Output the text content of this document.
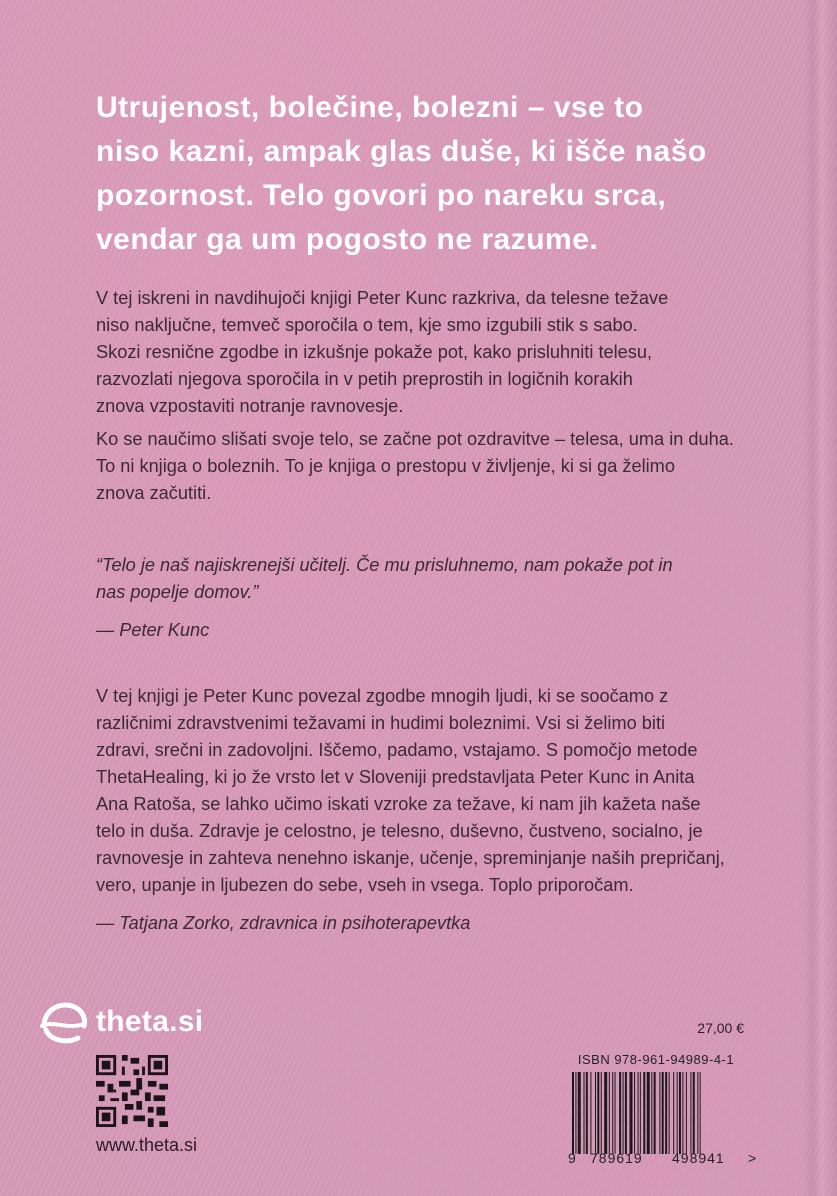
Utrujenost, bolečine, bolezni – vse to
niso kazni, ampak glas duše, ki išče našo
pozornost. Telo govori po nareku srca,
vendar ga um pogosto ne razume.
V tej iskreni in navdihujoči knjigi Peter Kunc razkriva, da telesne težave
niso naključne, temveč sporočila o tem, kje smo izgubili stik s sabo.
Skozi resnične zgodbe in izkušnje pokaže pot, kako prisluhniti telesu,
razvozlati njegova sporočila in v petih preprostih in logičnih korakih
znova vzpostaviti notranje ravnovesje.
Ko se naučimo slišati svoje telo, se začne pot ozdravitve – telesa, uma in duha.
To ni knjiga o boleznih. To je knjiga o prestopu v življenje, ki si ga želimo
znova začutiti.
“Telo je naš najiskrenejši učitelj. Če mu prisluhnemo, nam pokaže pot in
nas popelje domov.”
— Peter Kunc
V tej knjigi je Peter Kunc povezal zgodbe mnogih ljudi, ki se soočamo z
različnimi zdravstvenimi težavami in hudimi boleznimi. Vsi si želimo biti
zdravi, srečni in zadovoljni. Iščemo, padamo, vstajamo. S pomočjo metode
ThetaHealing, ki jo že vrsto let v Sloveniji predstavljata Peter Kunc in Anita
Ana Ratoša, se lahko učimo iskati vzroke za težave, ki nam jih kažeta naše
telo in duša. Zdravje je celostno, je telesno, duševno, čustveno, socialno, je
ravnovesje in zahteva nenehno iskanje, učenje, spreminjanje naših prepričanj,
vero, upanje in ljubezen do sebe, vseh in vsega. Toplo priporočam.
— Tatjana Zorko, zdravnica in psihoterapevtka
theta.si
www.theta.si
27,00 €
ISBN 978-961-94989-4-1
9 789619 498941 >
